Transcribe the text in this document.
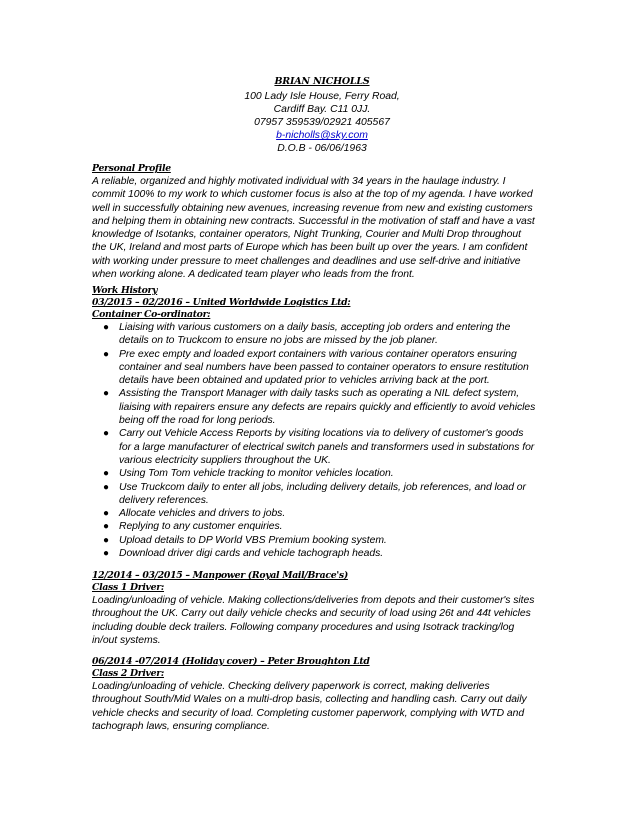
BRIAN NICHOLLS
100 Lady Isle House, Ferry Road,
Cardiff Bay. C11 0JJ.
07957 359539/02921 405567
b-nicholls@sky.com
D.O.B - 06/06/1963

Personal Profile

A reliable, organized and highly motivated individual with 34 years in the haulage industry. I

commit 100% to my work to which customer focus is also at the top of my agenda. I have worked

well in successfully obtaining new avenues, increasing revenue from new and existing customers

and helping them in obtaining new contracts. Successful in the motivation of staff and have a vast

knowledge of Isotanks, container operators, Night Trunking, Courier and Multi Drop throughout

the UK, Ireland and most parts of Europe which has been built up over the years. I am confident

with working under pressure to meet challenges and deadlines and use self-drive and initiative

when working alone. A dedicated team player who leads from the front.

Work History

03/2015 – 02/2016 – United Worldwide Logistics Ltd:

Container Co-ordinator:

● Liaising with various customers on a daily basis, accepting job orders and entering the
details on to Truckcom to ensure no jobs are missed by the job planer.
● Pre exec empty and loaded export containers with various container operators ensuring
container and seal numbers have been passed to container operators to ensure restitution
details have been obtained and updated prior to vehicles arriving back at the port.
● Assisting the Transport Manager with daily tasks such as operating a NIL defect system,
liaising with repairers ensure any defects are repairs quickly and efficiently to avoid vehicles
being off the road for long periods.
● Carry out Vehicle Access Reports by visiting locations via to delivery of customer's goods
for a large manufacturer of electrical switch panels and transformers used in substations for
various electricity suppliers throughout the UK.
● Using Tom Tom vehicle tracking to monitor vehicles location.
● Use Truckcom daily to enter all jobs, including delivery details, job references, and load or
delivery references.
● Allocate vehicles and drivers to jobs.
● Replying to any customer enquiries.
● Upload details to DP World VBS Premium booking system.
● Download driver digi cards and vehicle tachograph heads.

12/2014 – 03/2015 – Manpower (Royal Mail/Brace's)

Class 1 Driver:

Loading/unloading of vehicle. Making collections/deliveries from depots and their customer's sites

throughout the UK. Carry out daily vehicle checks and security of load using 26t and 44t vehicles

including double deck trailers. Following company procedures and using Isotrack tracking/log

in/out systems.

06/2014 -07/2014 (Holiday cover) – Peter Broughton Ltd

Class 2 Driver:

Loading/unloading of vehicle. Checking delivery paperwork is correct, making deliveries

throughout South/Mid Wales on a multi-drop basis, collecting and handling cash. Carry out daily

vehicle checks and security of load. Completing customer paperwork, complying with WTD and

tachograph laws, ensuring compliance.
